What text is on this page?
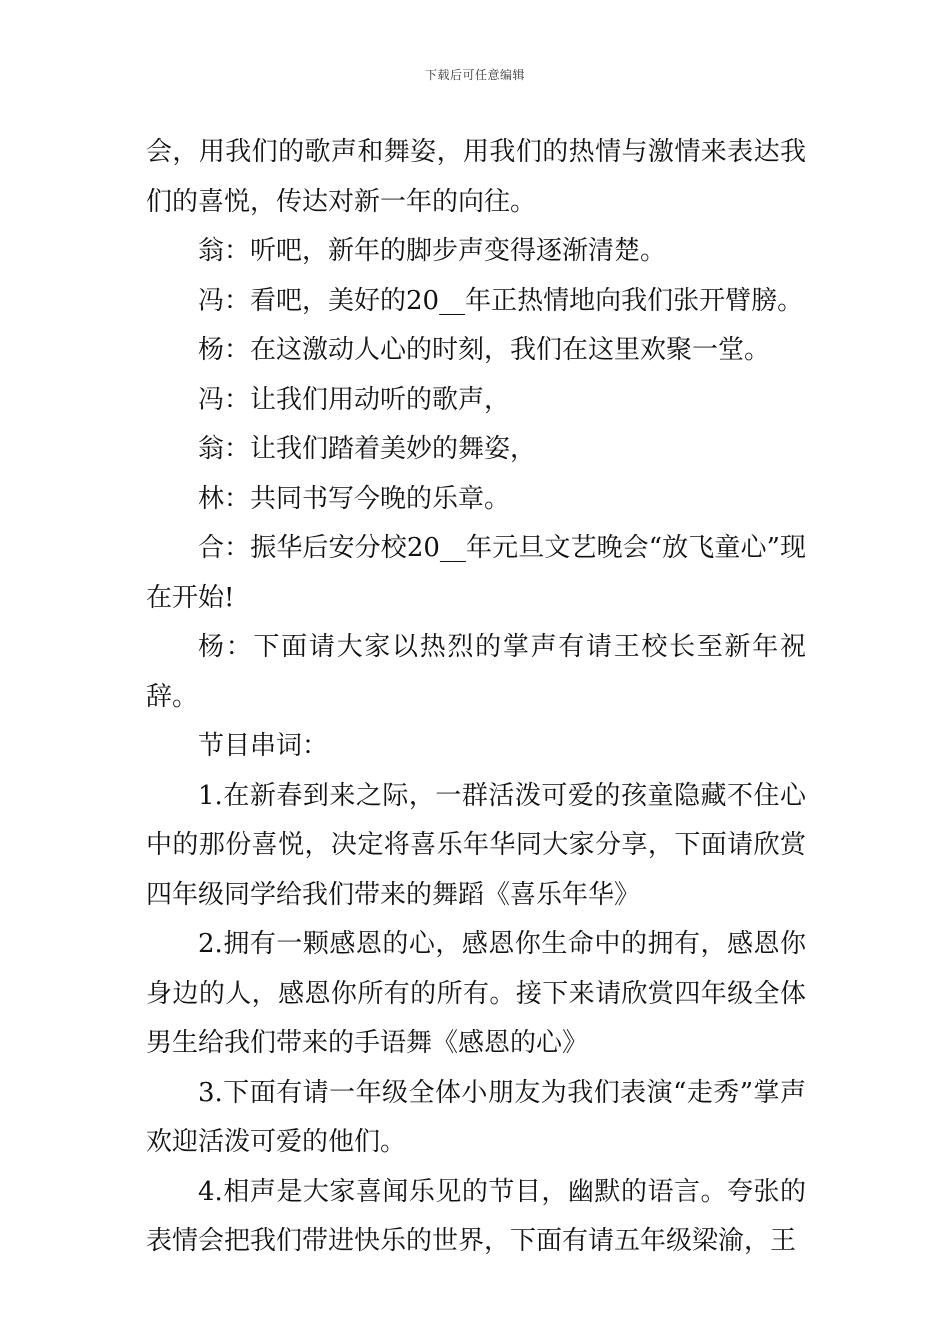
下载后可任意编辑

会，用我们的歌声和舞姿，用我们的热情与激情来表达我们的喜悦，传达对新一年的向往。

翁：听吧，新年的脚步声变得逐渐清楚。

冯：看吧，美好的20__年正热情地向我们张开臂膀。

杨：在这激动人心的时刻，我们在这里欢聚一堂。

冯：让我们用动听的歌声，

翁：让我们踏着美妙的舞姿，

林：共同书写今晚的乐章。

合：振华后安分校20__年元旦文艺晚会“放飞童心”现在开始!

杨：下面请大家以热烈的掌声有请王校长至新年祝辞。

节目串词：

1.在新春到来之际，一群活泼可爱的孩童隐藏不住心中的那份喜悦，决定将喜乐年华同大家分享，下面请欣赏四年级同学给我们带来的舞蹈《喜乐年华》

2.拥有一颗感恩的心，感恩你生命中的拥有，感恩你身边的人，感恩你所有的所有。接下来请欣赏四年级全体男生给我们带来的手语舞《感恩的心》

3.下面有请一年级全体小朋友为我们表演“走秀”掌声欢迎活泼可爱的他们。

4.相声是大家喜闻乐见的节目，幽默的语言。夸张的表情会把我们带进快乐的世界，下面有请五年级梁渝，王
